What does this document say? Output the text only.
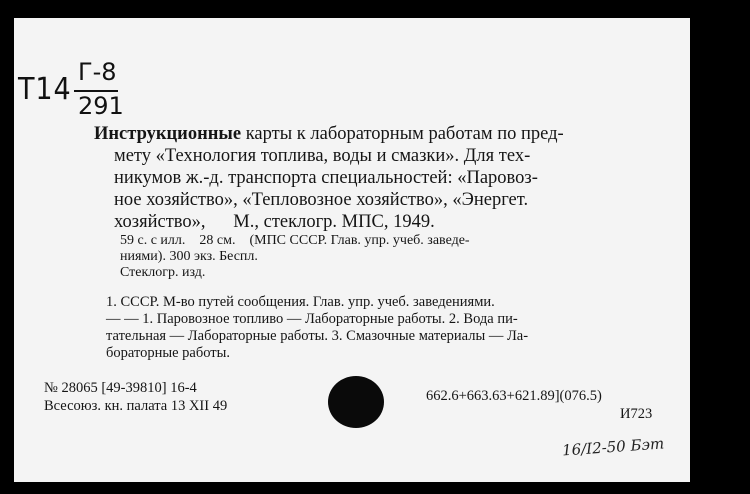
Т14 Г-8
291
Инструкционные карты к лабораторным работам по пред-
мету «Технология топлива, воды и смазки». Для тех-
никумов ж.-д. транспорта специальностей: «Паровоз-
ное хозяйство», «Тепловозное хозяйство», «Энергет.
хозяйство»,      М., стеклогр. МПС, 1949.
59 с. с илл.    28 см.    (МПС СССР. Глав. упр. учеб. заведе-
ниями). 300 экз. Беспл.
Стеклогр. изд.
1. СССР. М-во путей сообщения. Глав. упр. учеб. заведениями.
— — 1. Паровозное топливо — Лабораторные работы. 2. Вода пи-
тательная — Лабораторные работы. 3. Смазочные материалы — Ла-
бораторные работы.
№ 28065 [49-39810] 16-4
Всесоюз. кн. палата 13 XII 49
662.6+663.63+621.89](076.5)
И723
16/I2-50 Бэт
